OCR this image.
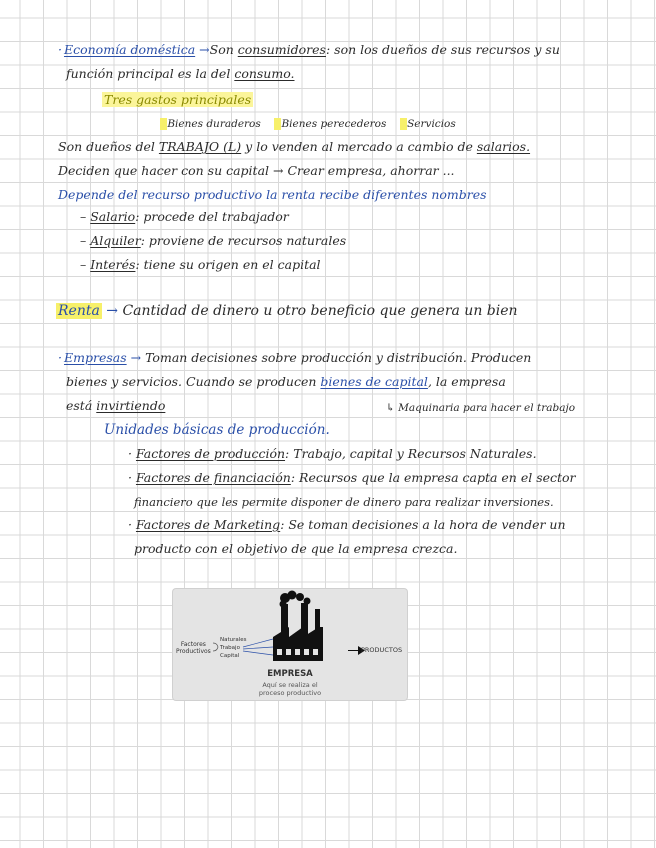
· Economía doméstica →Son consumidores: son los dueños de sus recursos y su
función principal es la del consumo.
Tres gastos principales
Bienes duraderos Bienes perecederos Servicios
Son dueños del TRABAJO (L) y lo venden al mercado a cambio de salarios.
Deciden que hacer con su capital → Crear empresa, ahorrar ...
Depende del recurso productivo la renta recibe diferentes nombres
– Salario: procede del trabajador
– Alquiler: proviene de recursos naturales
– Interés: tiene su origen en el capital
Renta → Cantidad de dinero u otro beneficio que genera un bien
· Empresas → Toman decisiones sobre producción y distribución. Producen
bienes y servicios. Cuando se producen bienes de capital, la empresa
está invirtiendo	↳ Maquinaria para hacer el trabajo
Unidades básicas de producción.
· Factores de producción: Trabajo, capital y Recursos Naturales.
· Factores de financiación: Recursos que la empresa capta en el sector
financiero que les permite disponer de dinero para realizar inversiones.
· Factores de Marketing: Se toman decisiones a la hora de vender un
producto con el objetivo de que la empresa crezca.
Factores
Productivos
Naturales
Trabajo
Capital
PRODUCTOS
EMPRESA
Aquí se realiza el
proceso productivo
